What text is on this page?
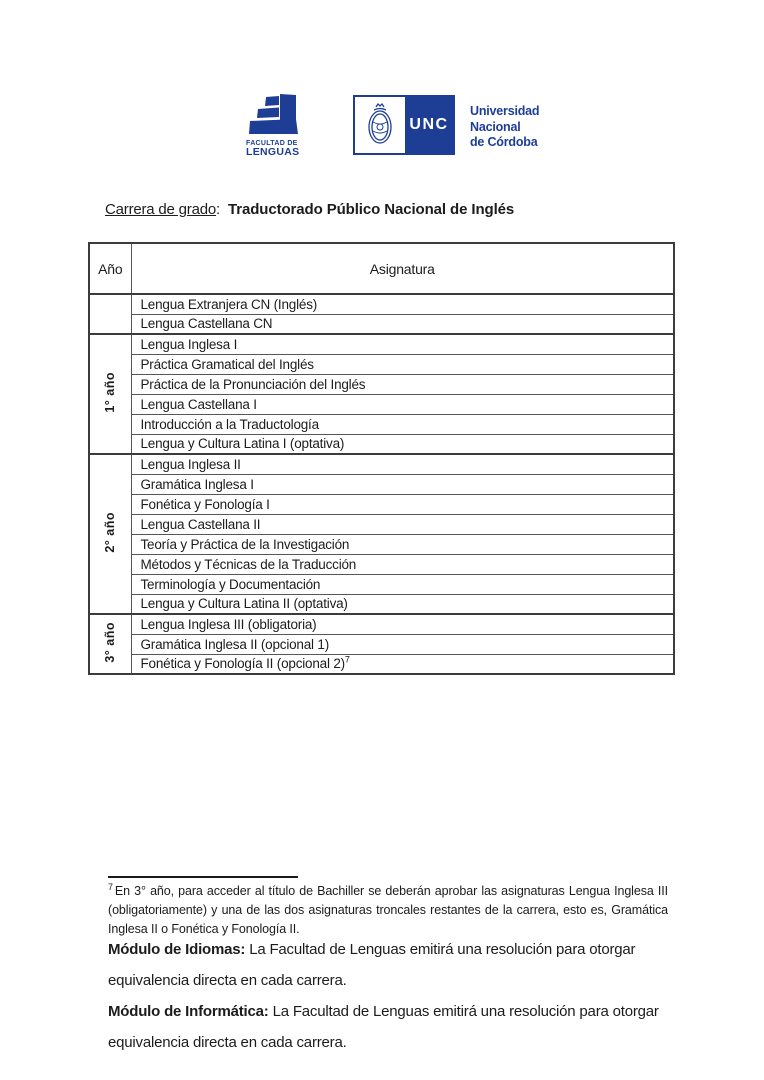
FACULTAD DE
LENGUAS
UNC
Universidad
Nacional
de Córdoba
Carrera de grado: Traductorado Público Nacional de Inglés
Año	Asignatura
	Lengua Extranjera CN (Inglés)
	Lengua Castellana CN
1° año	Lengua Inglesa I
	Práctica Gramatical del Inglés
	Práctica de la Pronunciación del Inglés
	Lengua Castellana I
	Introducción a la Traductología
	Lengua y Cultura Latina I (optativa)
2° año	Lengua Inglesa II
	Gramática Inglesa I
	Fonética y Fonología I
	Lengua Castellana II
	Teoría y Práctica de la Investigación
	Métodos y Técnicas de la Traducción
	Terminología y Documentación
	Lengua y Cultura Latina II (optativa)
3° año	Lengua Inglesa III (obligatoria)
	Gramática Inglesa II (opcional 1)
	Fonética y Fonología II (opcional 2)$^7$
$^7$ En 3° año, para acceder al título de Bachiller se deberán aprobar las asignaturas Lengua Inglesa III (obligatoriamente) y una de las dos asignaturas troncales restantes de la carrera, esto es, Gramática Inglesa II o Fonética y Fonología II.

Módulo de Idiomas: La Facultad de Lenguas emitirá una resolución para otorgar equivalencia directa en cada carrera.

Módulo de Informática: La Facultad de Lenguas emitirá una resolución para otorgar equivalencia directa en cada carrera.
